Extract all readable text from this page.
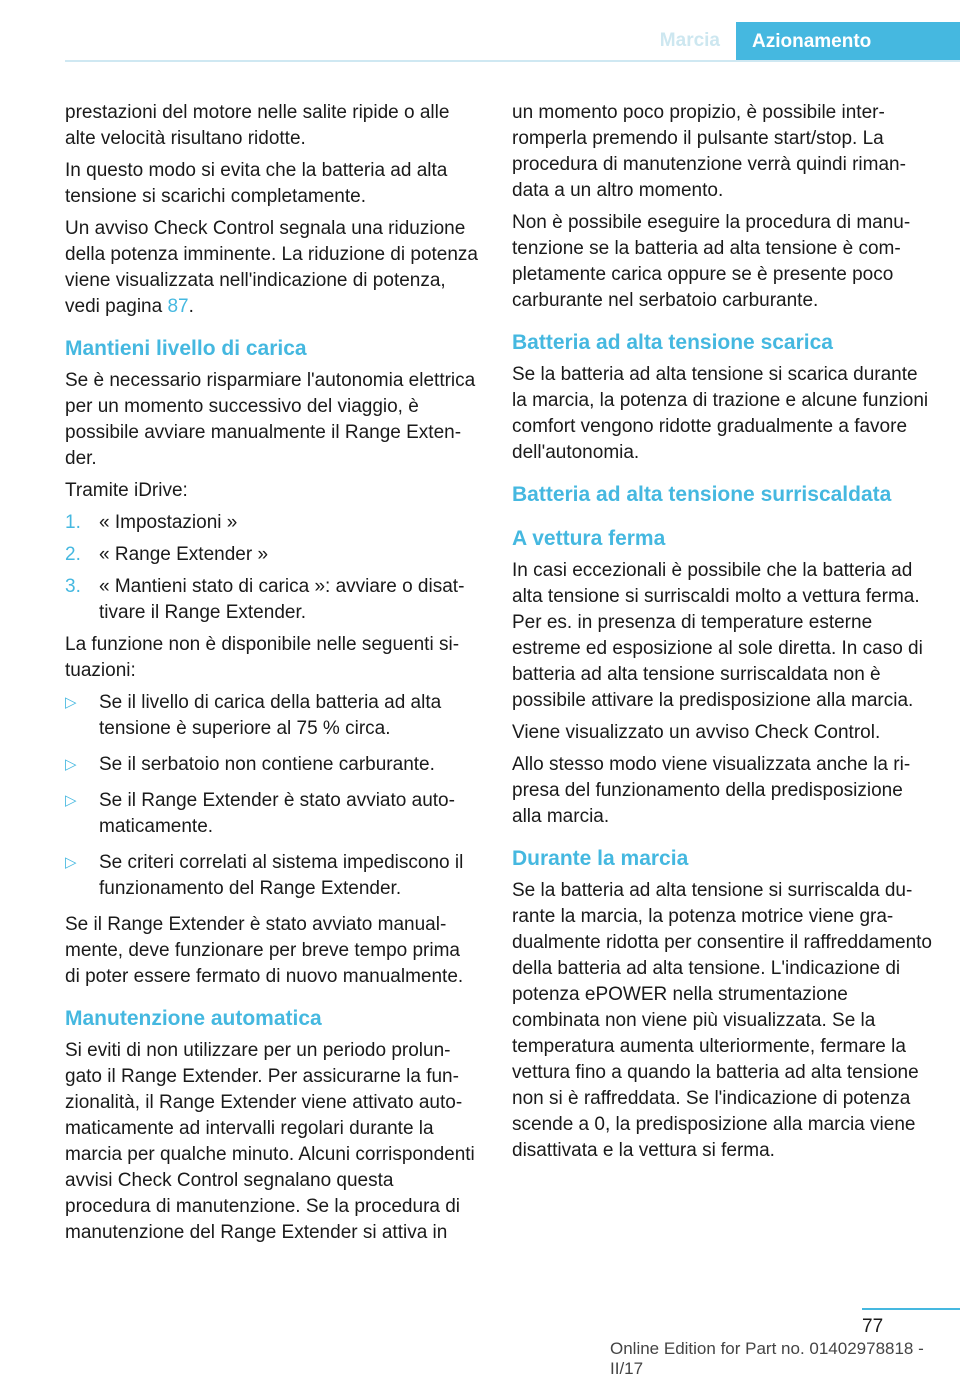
Marcia	Azionamento

prestazioni del motore nelle salite ripide o alle alte velocità risultano ridotte.

In questo modo si evita che la batteria ad alta tensione si scarichi completamente.

Un avviso Check Control segnala una riduzione della potenza imminente. La riduzione di potenza viene visualizzata nell'indicazione di potenza, vedi pagina 87.

Mantieni livello di carica

Se è necessario risparmiare l'autonomia elettrica per un momento successivo del viaggio, è possibile avviare manualmente il Range Extender.

Tramite iDrive:

1. « Impostazioni »
2. « Range Extender »
3. « Mantieni stato di carica »: avviare o disattivare il Range Extender.

La funzione non è disponibile nelle seguenti situazioni:

▷ Se il livello di carica della batteria ad alta tensione è superiore al 75 % circa.
▷ Se il serbatoio non contiene carburante.
▷ Se il Range Extender è stato avviato automaticamente.
▷ Se criteri correlati al sistema impediscono il funzionamento del Range Extender.

Se il Range Extender è stato avviato manualmente, deve funzionare per breve tempo prima di poter essere fermato di nuovo manualmente.

Manutenzione automatica

Si eviti di non utilizzare per un periodo prolungato il Range Extender. Per assicurarne la funzionalità, il Range Extender viene attivato automaticamente ad intervalli regolari durante la marcia per qualche minuto. Alcuni corrispondenti avvisi Check Control segnalano questa procedura di manutenzione. Se la procedura di manutenzione del Range Extender si attiva in

un momento poco propizio, è possibile interromperla premendo il pulsante start/stop. La procedura di manutenzione verrà quindi rimandata a un altro momento.

Non è possibile eseguire la procedura di manutenzione se la batteria ad alta tensione è completamente carica oppure se è presente poco carburante nel serbatoio carburante.

Batteria ad alta tensione scarica

Se la batteria ad alta tensione si scarica durante la marcia, la potenza di trazione e alcune funzioni comfort vengono ridotte gradualmente a favore dell'autonomia.

Batteria ad alta tensione surriscaldata
A vettura ferma

In casi eccezionali è possibile che la batteria ad alta tensione si surriscaldi molto a vettura ferma. Per es. in presenza di temperature esterne estreme ed esposizione al sole diretta. In caso di batteria ad alta tensione surriscaldata non è possibile attivare la predisposizione alla marcia.

Viene visualizzato un avviso Check Control.

Allo stesso modo viene visualizzata anche la ripresa del funzionamento della predisposizione alla marcia.

Durante la marcia

Se la batteria ad alta tensione si surriscalda durante la marcia, la potenza motrice viene gradualmente ridotta per consentire il raffreddamento della batteria ad alta tensione. L'indicazione di potenza ePOWER nella strumentazione combinata non viene più visualizzata. Se la temperatura aumenta ulteriormente, fermare la vettura fino a quando la batteria ad alta tensione non si è raffreddata. Se l'indicazione di potenza scende a 0, la predisposizione alla marcia viene disattivata e la vettura si ferma.

77
Online Edition for Part no. 01402978818 - II/17
